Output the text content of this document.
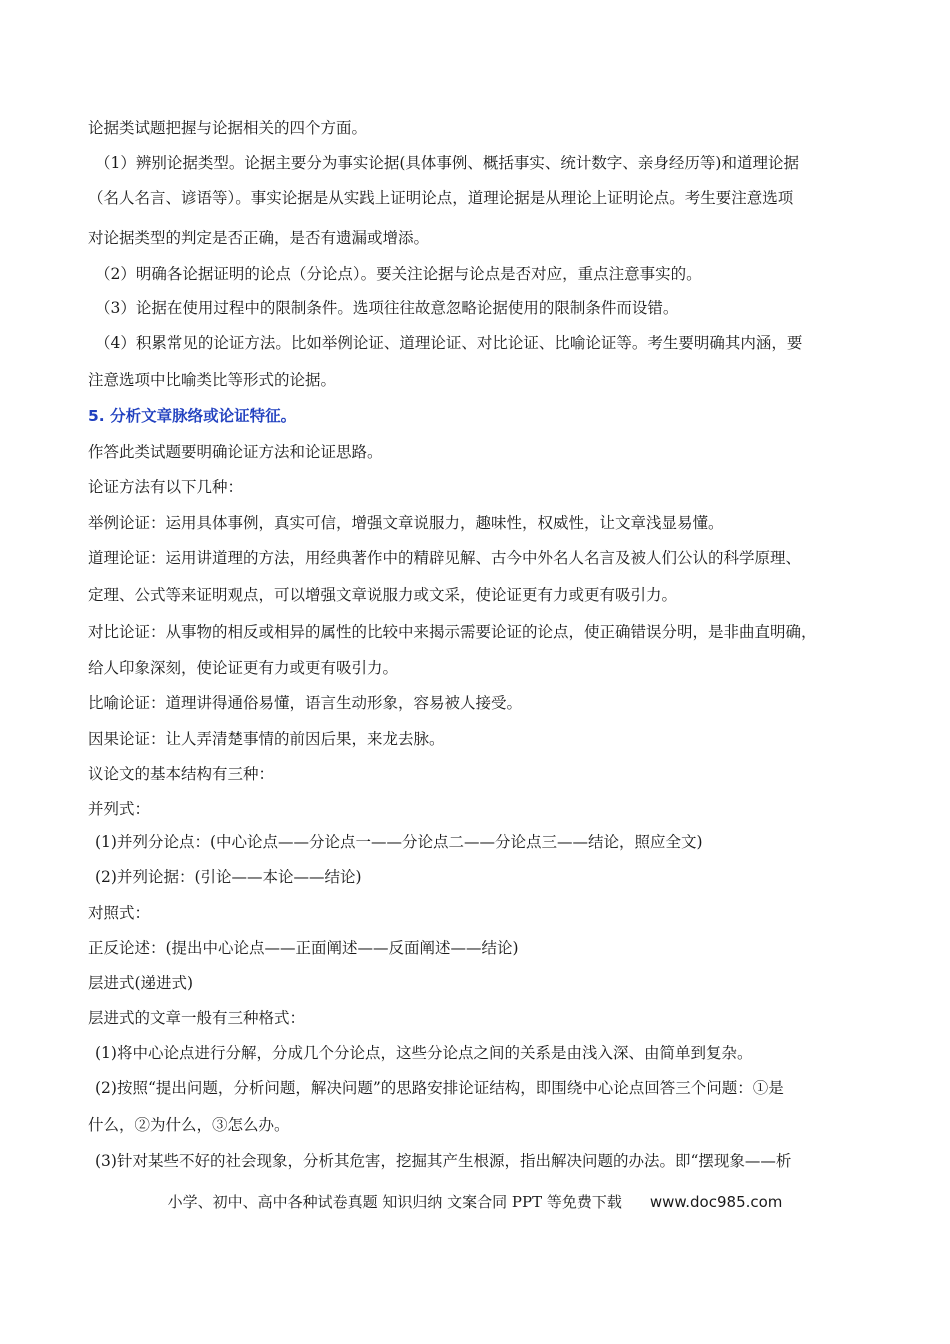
论据类试题把握与论据相关的四个方面。
（1）辨别论据类型。论据主要分为事实论据(具体事例、概括事实、统计数字、亲身经历等)和道理论据
（名人名言、谚语等）。事实论据是从实践上证明论点，道理论据是从理论上证明论点。考生要注意选项
对论据类型的判定是否正确，是否有遗漏或增添。
（2）明确各论据证明的论点（分论点）。要关注论据与论点是否对应，重点注意事实的。
（3）论据在使用过程中的限制条件。选项往往故意忽略论据使用的限制条件而设错。
（4）积累常见的论证方法。比如举例论证、道理论证、对比论证、比喻论证等。考生要明确其内涵，要
注意选项中比喻类比等形式的论据。
5. 分析文章脉络或论证特征。
作答此类试题要明确论证方法和论证思路。
论证方法有以下几种：
举例论证：运用具体事例，真实可信，增强文章说服力，趣味性，权威性，让文章浅显易懂。
道理论证：运用讲道理的方法，用经典著作中的精辟见解、古今中外名人名言及被人们公认的科学原理、
定理、公式等来证明观点，可以增强文章说服力或文采，使论证更有力或更有吸引力。
对比论证：从事物的相反或相异的属性的比较中来揭示需要论证的论点，使正确错误分明，是非曲直明确，
给人印象深刻，使论证更有力或更有吸引力。
比喻论证：道理讲得通俗易懂，语言生动形象，容易被人接受。
因果论证：让人弄清楚事情的前因后果，来龙去脉。
议论文的基本结构有三种：
并列式：
(1)并列分论点：(中心论点——分论点一——分论点二——分论点三——结论，照应全文)
(2)并列论据：(引论——本论——结论)
对照式：
正反论述：(提出中心论点——正面阐述——反面阐述——结论)
层进式(递进式)
层进式的文章一般有三种格式：
(1)将中心论点进行分解，分成几个分论点，这些分论点之间的关系是由浅入深、由简单到复杂。
(2)按照“提出问题，分析问题，解决问题”的思路安排论证结构，即围绕中心论点回答三个问题：①是
什么，②为什么，③怎么办。
(3)针对某些不好的社会现象，分析其危害，挖掘其产生根源，指出解决问题的办法。即“摆现象——析
小学、初中、高中各种试卷真题 知识归纳 文案合同 PPT 等免费下载 www.doc985.com
